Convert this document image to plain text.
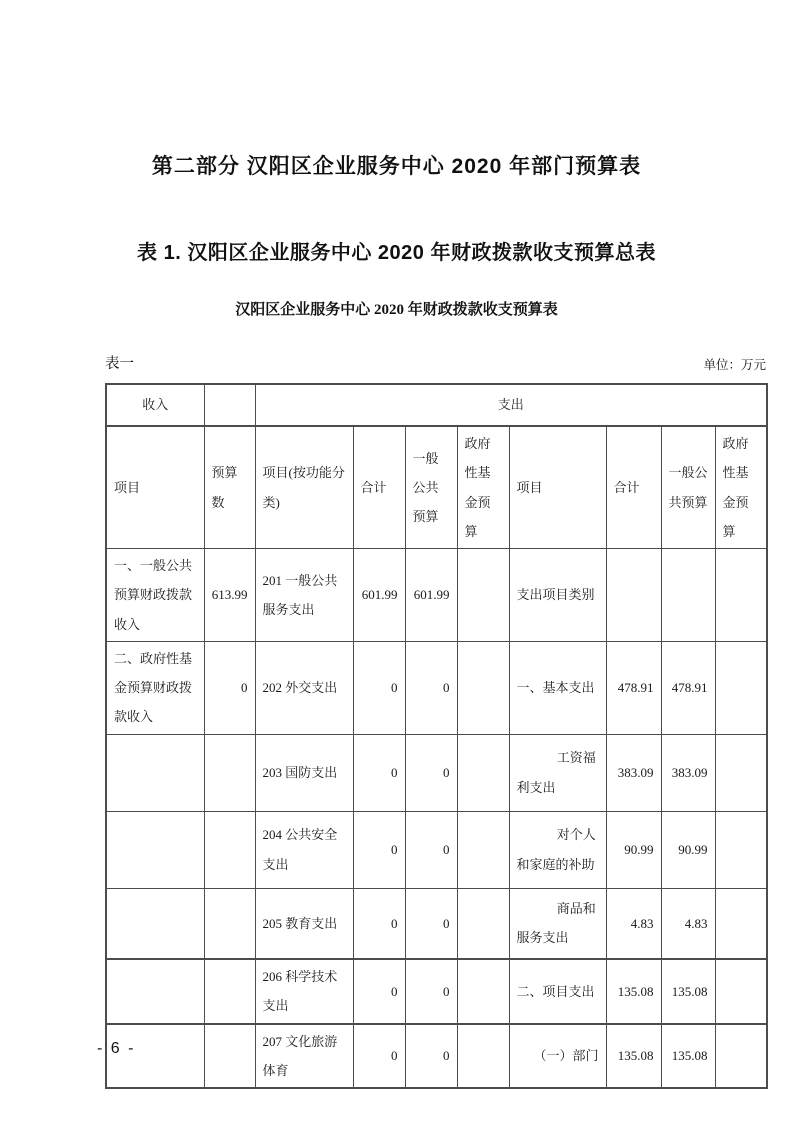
第二部分 汉阳区企业服务中心 2020 年部门预算表
表 1. 汉阳区企业服务中心 2020 年财政拨款收支预算总表
汉阳区企业服务中心 2020 年财政拨款收支预算表
表一	单位：万元
收入		支出							
项目	预算数	项目(按功能分类)	合计	一般公共预算	政府性基金预算	项目	合计	一般公共预算	政府性基金预算
一、一般公共预算财政拨款收入	613.99	201 一般公共服务支出	601.99	601.99		支出项目类别			
二、政府性基金预算财政拨款收入	0	202 外交支出	0	0		一、基本支出	478.91	478.91	
		203 国防支出	0	0		工资福利支出	383.09	383.09	
		204 公共安全支出	0	0		对个人和家庭的补助	90.99	90.99	
		205 教育支出	0	0		商品和服务支出	4.83	4.83	
		206 科学技术支出	0	0		二、项目支出	135.08	135.08	
		207 文化旅游体育	0	0		（一）部门	135.08	135.08	
- 6 -
